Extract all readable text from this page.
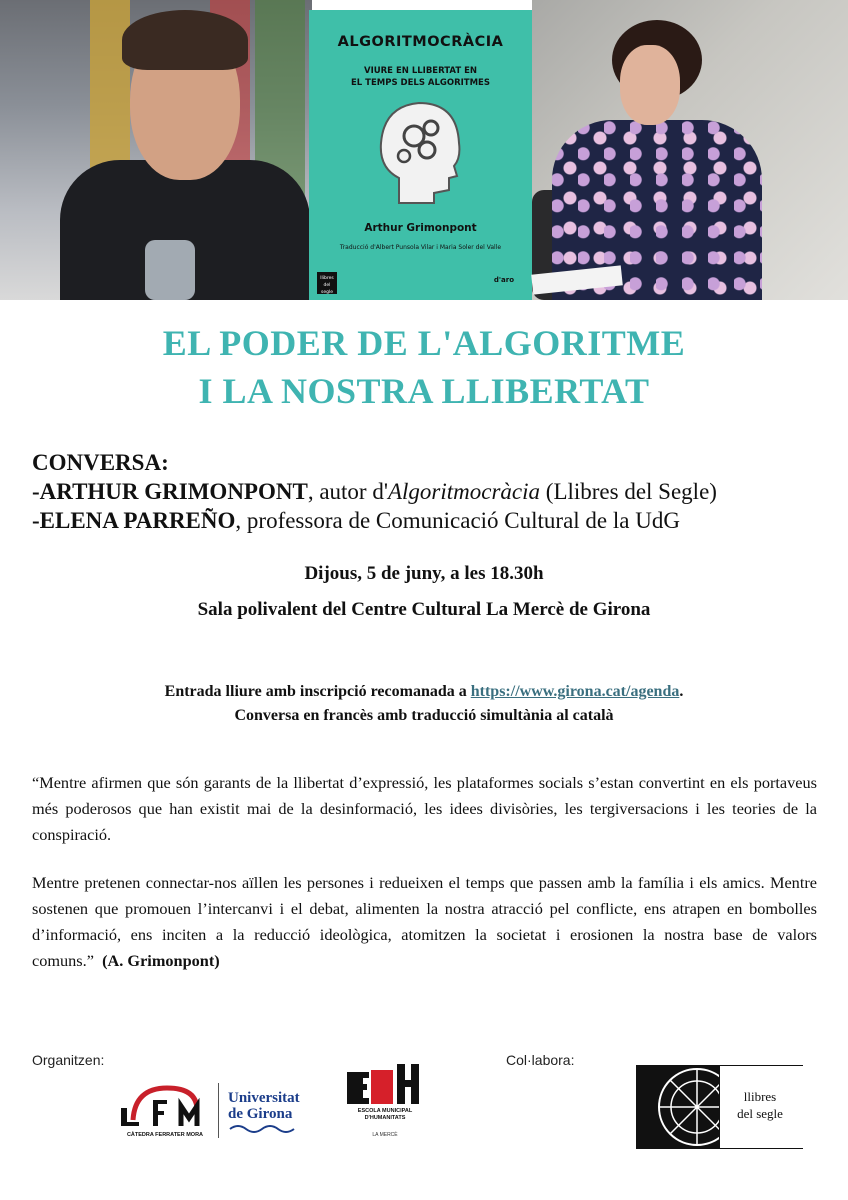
ALGORITMOCRÀCIA
VIURE EN LLIBERTAT EN
EL TEMPS DELS ALGORITMES
Arthur Grimonpont
Traducció d'Albert Punsola Vilar i Maria Soler del Valle
llibres
del segle
d'aro
EL PODER DE L'ALGORITME
I LA NOSTRA LLIBERTAT
CONVERSA:
-ARTHUR GRIMONPONT, autor d'Algoritmocràcia (Llibres del Segle)
-ELENA PARREÑO, professora de Comunicació Cultural de la UdG
Dijous, 5 de juny, a les 18.30h
Sala polivalent del Centre Cultural La Mercè de Girona
Entrada lliure amb inscripció recomanada a https://www.girona.cat/agenda.
Conversa en francès amb traducció simultània al català
“Mentre afirmen que són garants de la llibertat d’expressió, les plataformes socials s’estan convertint en els portaveus més poderosos que han existit mai de la desinformació, les idees divisòries, les tergiversacions i les teories de la conspiració.
Mentre pretenen connectar-nos aïllen les persones i redueixen el temps que passen amb la família i els amics. Mentre sostenen que promouen l’intercanvi i el debat, alimenten la nostra atracció pel conflicte, ens atrapen en bombolles d’informació, ens inciten a la reducció ideològica, atomitzen la societat i erosionen la nostra base de valors comuns.” (A. Grimonpont)
Organitzen:	Col·labora:
CÀTEDRA FERRATER MORA
Universitat
de Girona	ESCOLA MUNICIPAL
D'HUMANITATS
LA MERCÈ
llibres
del segle
